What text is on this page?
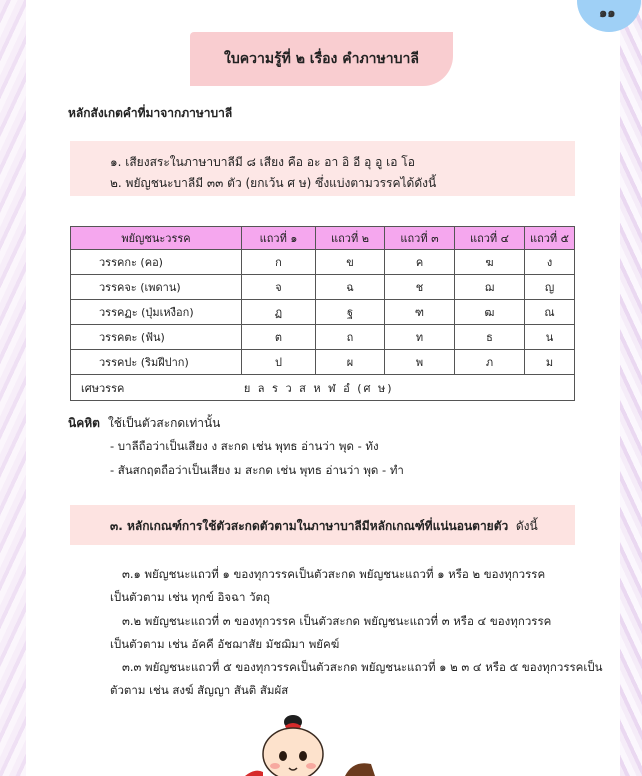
๑๑
ใบความรู้ที่ ๒ เรื่อง คำภาษาบาลี
หลักสังเกตคำที่มาจากภาษาบาลี
๑. เสียงสระในภาษาบาลีมี ๘ เสียง คือ อะ อา อิ อี อุ อู เอ โอ
๒. พยัญชนะบาลีมี ๓๓ ตัว (ยกเว้น ศ ษ) ซึ่งแบ่งตามวรรคได้ดังนี้
พยัญชนะวรรค	แถวที่ ๑	แถวที่ ๒	แถวที่ ๓	แถวที่ ๔	แถวที่ ๕
วรรคกะ (คอ)	ก	ข	ค	ฆ	ง
วรรคจะ (เพดาน)	จ	ฉ	ช	ฌ	ญ
วรรคฏะ (ปุ่มเหงือก)	ฏ	ฐ	ฑ	ฒ	ณ
วรรคตะ (ฟัน)	ต	ถ	ท	ธ	น
วรรคปะ (ริมฝีปาก)	ป	ผ	พ	ภ	ม
เศษวรรค ย ล ร ว ส ห ฬ อํ (ศ ษ)					
นิคหิต ใช้เป็นตัวสะกดเท่านั้น
- บาลีถือว่าเป็นเสียง ง สะกด เช่น พุทธ อ่านว่า พุด - ทัง
- สันสกฤตถือว่าเป็นเสียง ม สะกด เช่น พุทธ อ่านว่า พุด - ทำ
๓. หลักเกณฑ์การใช้ตัวสะกดตัวตามในภาษาบาลีมีหลักเกณฑ์ที่แน่นอนตายตัว ดังนี้
๓.๑ พยัญชนะแถวที่ ๑ ของทุกวรรคเป็นตัวสะกด พยัญชนะแถวที่ ๑ หรือ ๒ ของทุกวรรค
เป็นตัวตาม เช่น ทุกข์ อิจฉา วัตถุ
๓.๒ พยัญชนะแถวที่ ๓ ของทุกวรรค เป็นตัวสะกด พยัญชนะแถวที่ ๓ หรือ ๔ ของทุกวรรค
เป็นตัวตาม เช่น อัคคี อัชฌาสัย มัชฌิมา พยัคฆ์
๓.๓ พยัญชนะแถวที่ ๕ ของทุกวรรคเป็นตัวสะกด พยัญชนะแถวที่ ๑ ๒ ๓ ๔ หรือ ๕ ของทุกวรรคเป็น
ตัวตาม เช่น สงฆ์ สัญญา สันติ สัมผัส
